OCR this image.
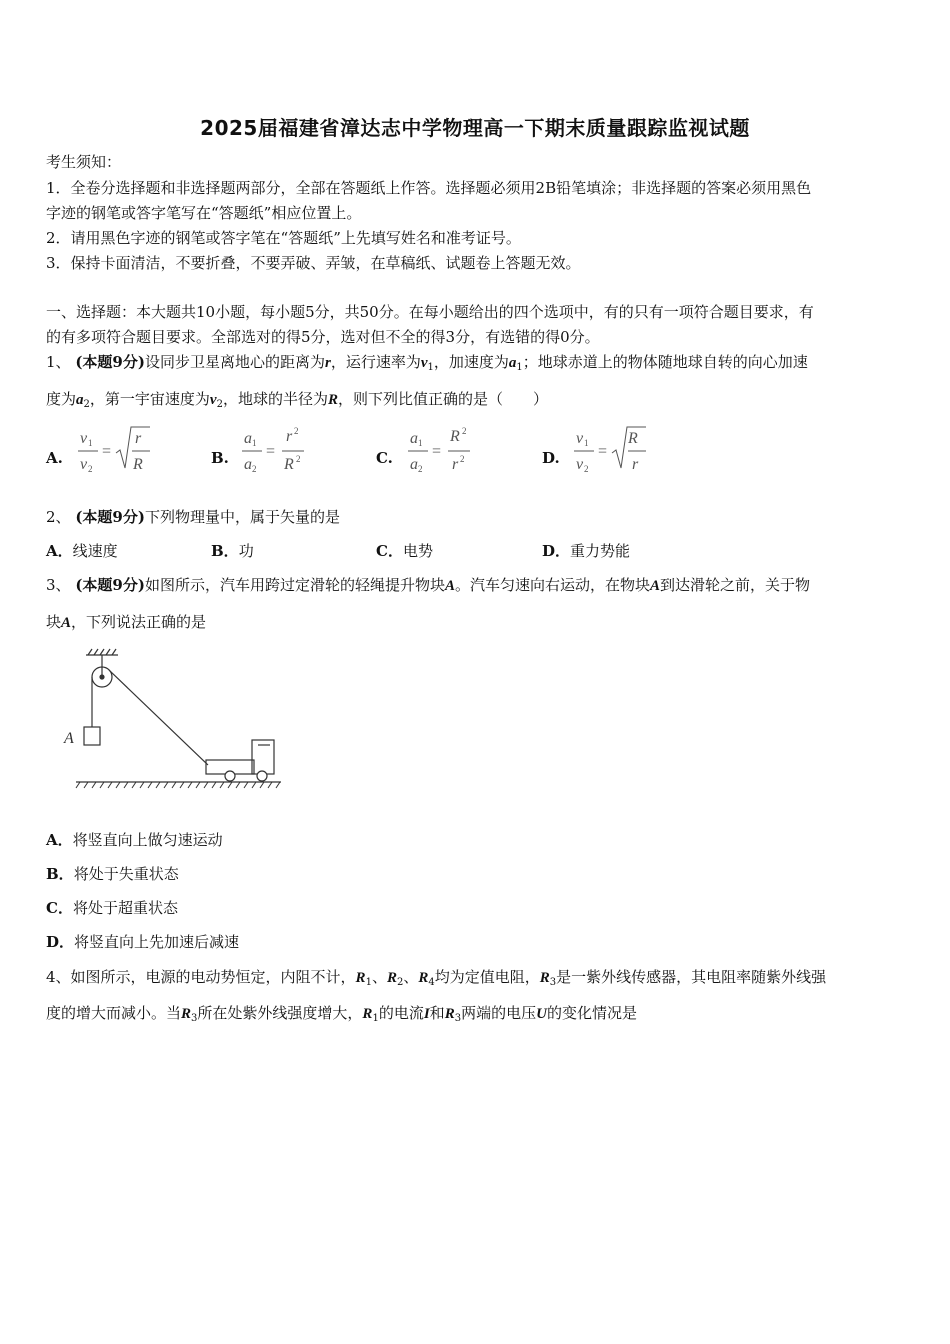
2025届福建省漳达志中学物理高一下期末质量跟踪监视试题
考生须知：
1．全卷分选择题和非选择题两部分，全部在答题纸上作答。选择题必须用2B铅笔填涂；非选择题的答案必须用黑色
字迹的钢笔或答字笔写在“答题纸”相应位置上。
2．请用黑色字迹的钢笔或答字笔在“答题纸”上先填写姓名和准考证号。
3．保持卡面清洁，不要折叠，不要弄破、弄皱，在草稿纸、试题卷上答题无效。
一、选择题：本大题共10小题，每小题5分，共50分。在每小题给出的四个选项中，有的只有一项符合题目要求，有
的有多项符合题目要求。全部选对的得5分，选对但不全的得3分，有选错的得0分。
1、 (本题9分)设同步卫星离地心的距离为r，运行速率为$v_1$，加速度为$a_1$；地球赤道上的物体随地球自转的向心加速
度为$a_2$，第一宇宙速度为$v_2$，地球的半径为R，则下列比值正确的是（　　）
A.
v 1
v 2
=
r
R	B.
a 1
a 2
=
r 2
R 2	C.
a 1
a 2
=
R 2
r 2	D.
v 1
v 2
=
R
r
2、 (本题9分)下列物理量中，属于矢量的是
A．线速度	B．功	C．电势	D．重力势能
3、 (本题9分)如图所示，汽车用跨过定滑轮的轻绳提升物块A。汽车匀速向右运动，在物块A到达滑轮之前，关于物
块A，下列说法正确的是
A
A．将竖直向上做匀速运动
B．将处于失重状态
C．将处于超重状态
D．将竖直向上先加速后减速
4、如图所示，电源的电动势恒定，内阻不计，$R_1$、$R_2$、$R_4$均为定值电阻，$R_3$是一紫外线传感器，其电阻率随紫外线强
度的增大而减小。当$R_3$所在处紫外线强度增大，$R_1$的电流I和$R_3$两端的电压U的变化情况是
